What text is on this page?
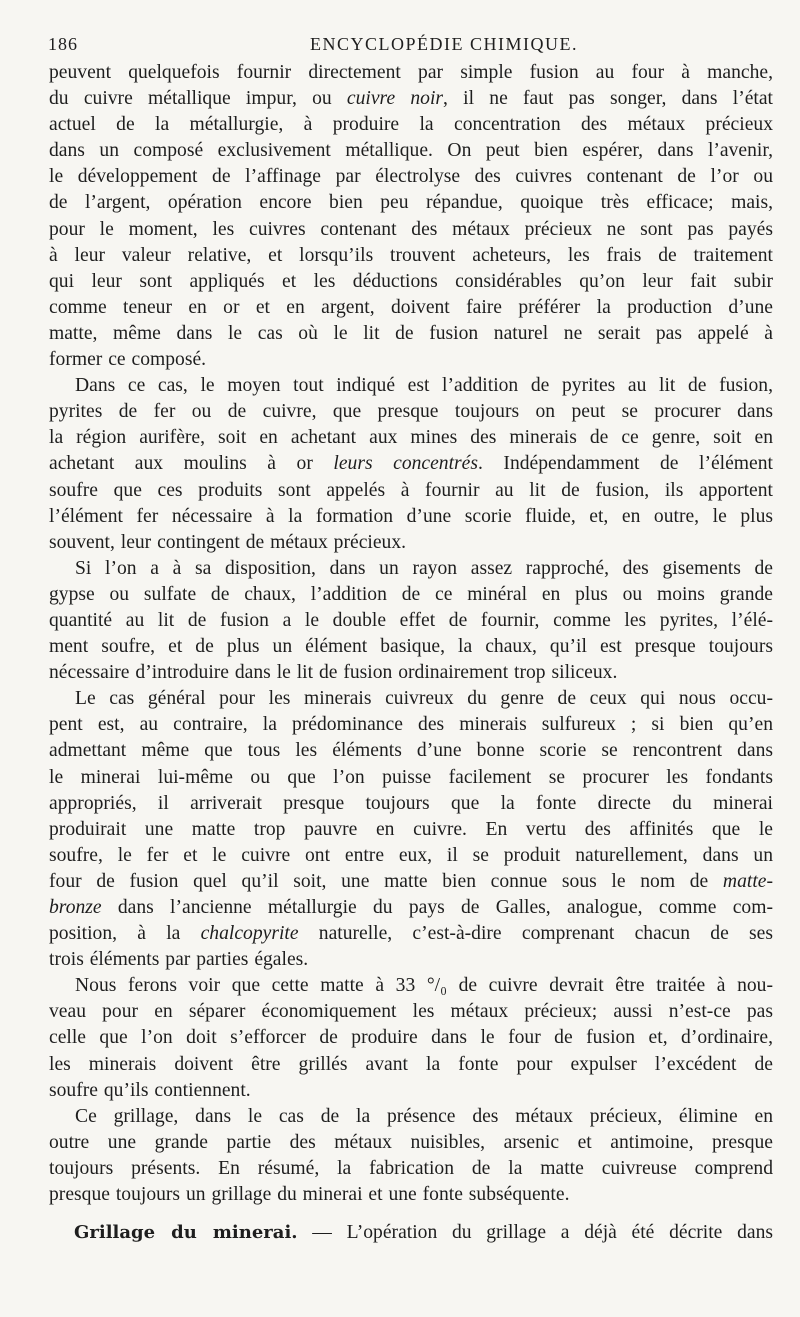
186	ENCYCLOPÉDIE CHIMIQUE.
peuvent quelquefois fournir directement par simple fusion au four à manche,
du cuivre métallique impur, ou cuivre noir, il ne faut pas songer, dans l’état
actuel de la métallurgie, à produire la concentration des métaux précieux
dans un composé exclusivement métallique. On peut bien espérer, dans l’avenir,
le développement de l’affinage par électrolyse des cuivres contenant de l’or ou
de l’argent, opération encore bien peu répandue, quoique très efficace; mais,
pour le moment, les cuivres contenant des métaux précieux ne sont pas payés
à leur valeur relative, et lorsqu’ils trouvent acheteurs, les frais de traitement
qui leur sont appliqués et les déductions considérables qu’on leur fait subir
comme teneur en or et en argent, doivent faire préférer la production d’une
matte, même dans le cas où le lit de fusion naturel ne serait pas appelé à
former ce composé.
Dans ce cas, le moyen tout indiqué est l’addition de pyrites au lit de fusion,
pyrites de fer ou de cuivre, que presque toujours on peut se procurer dans
la région aurifère, soit en achetant aux mines des minerais de ce genre, soit en
achetant aux moulins à or leurs concentrés. Indépendamment de l’élément
soufre que ces produits sont appelés à fournir au lit de fusion, ils apportent
l’élément fer nécessaire à la formation d’une scorie fluide, et, en outre, le plus
souvent, leur contingent de métaux précieux.
Si l’on a à sa disposition, dans un rayon assez rapproché, des gisements de
gypse ou sulfate de chaux, l’addition de ce minéral en plus ou moins grande
quantité au lit de fusion a le double effet de fournir, comme les pyrites, l’élé-
ment soufre, et de plus un élément basique, la chaux, qu’il est presque toujours
nécessaire d’introduire dans le lit de fusion ordinairement trop siliceux.
Le cas général pour les minerais cuivreux du genre de ceux qui nous occu-
pent est, au contraire, la prédominance des minerais sulfureux ; si bien qu’en
admettant même que tous les éléments d’une bonne scorie se rencontrent dans
le minerai lui-même ou que l’on puisse facilement se procurer les fondants
appropriés, il arriverait presque toujours que la fonte directe du minerai
produirait une matte trop pauvre en cuivre. En vertu des affinités que le
soufre, le fer et le cuivre ont entre eux, il se produit naturellement, dans un
four de fusion quel qu’il soit, une matte bien connue sous le nom de matte-
bronze dans l’ancienne métallurgie du pays de Galles, analogue, comme com-
position, à la chalcopyrite naturelle, c’est-à-dire comprenant chacun de ses
trois éléments par parties égales.
Nous ferons voir que cette matte à 33 °/₀ de cuivre devrait être traitée à nou-
veau pour en séparer économiquement les métaux précieux; aussi n’est-ce pas
celle que l’on doit s’efforcer de produire dans le four de fusion et, d’ordinaire,
les minerais doivent être grillés avant la fonte pour expulser l’excédent de
soufre qu’ils contiennent.
Ce grillage, dans le cas de la présence des métaux précieux, élimine en
outre une grande partie des métaux nuisibles, arsenic et antimoine, presque
toujours présents. En résumé, la fabrication de la matte cuivreuse comprend
presque toujours un grillage du minerai et une fonte subséquente.
Grillage du minerai. — L’opération du grillage a déjà été décrite dans
